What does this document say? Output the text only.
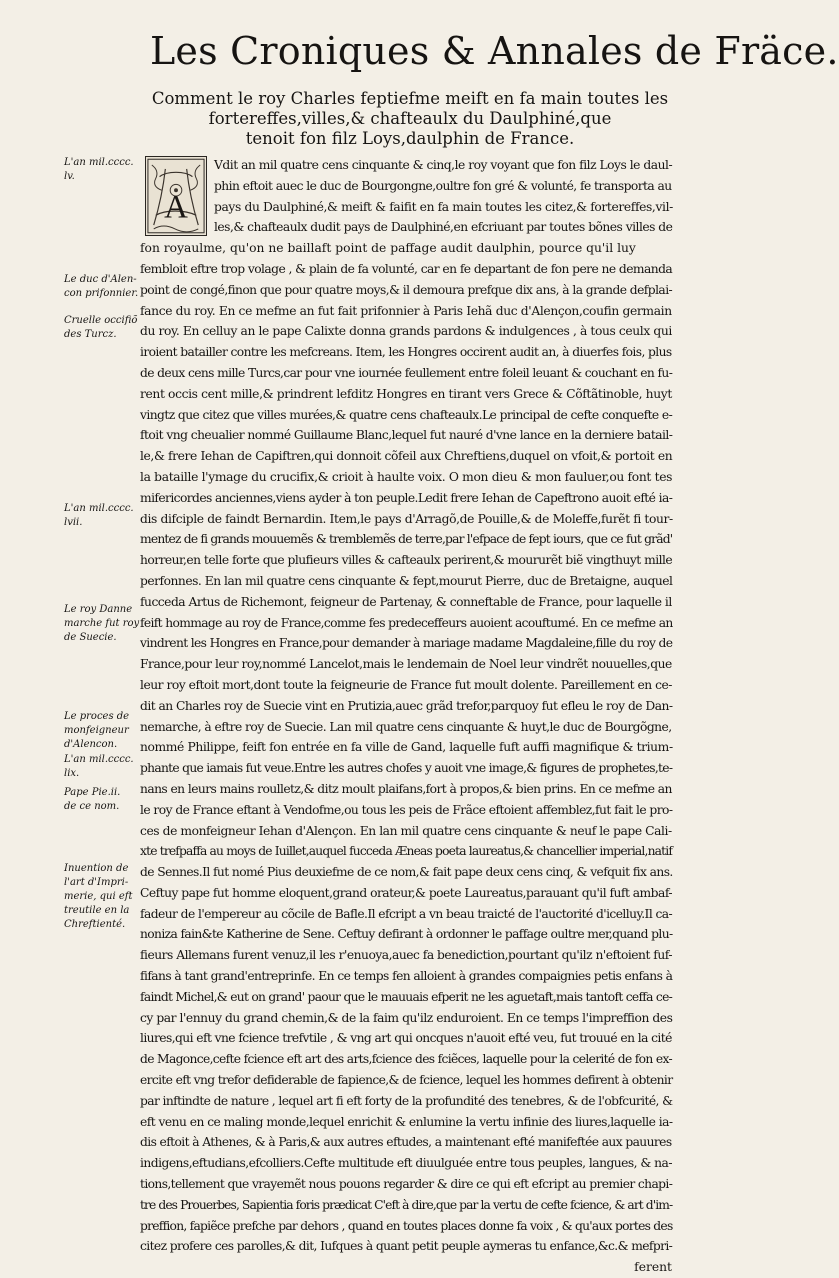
Les Croniques & Annales de Fräce.
Comment le roy Charles feptiefme meift en fa main toutes les
fortereffes,villes,& chafteaulx du Daulphiné,que
tenoit fon filz Loys,daulphin de France.
A
L'an mil.cccc.
lv.
Le duc d'Alen-
con prifonnier.
Cruelle occifiõ
des Turcz.
L'an mil.cccc.
lvii.
Le roy Danne
marche fut roy
de Suecie.
Le proces de
monfeigneur
d'Alencon.
L'an mil.cccc.
lix.
Pape Pie.ii.
de ce nom.
Inuention de
l'art d'Impri-
merie, qui eft
treutile en la
Chreftienté.
Vdit an mil quatre cens cinquante & cinq,le roy voyant que fon filz Loys le daul-
phin eftoit auec le duc de Bourgongne,oultre fon gré & volunté, fe transporta au
pays du Daulphiné,& meift & faifit en fa main toutes les citez,& fortereffes,vil-
les,& chafteaulx dudit pays de Daulphiné,en efcriuant par toutes bõnes villes de
fon royaulme, qu'on ne baillaft point de paffage audit daulphin, pource qu'il luy
fembloit eftre trop volage , & plain de fa volunté, car en fe departant de fon pere ne demanda
point de congé,finon que pour quatre moys,& il demoura prefque dix ans, à la grande defplai-
fance du roy. En ce mefme an fut fait prifonnier à Paris Iehã duc d'Alençon,coufin germain
du roy. En celluy an le pape Calixte donna grands pardons & indulgences , à tous ceulx qui
iroient batailler contre les mefcreans. Item, les Hongres occirent audit an, à diuerfes fois, plus
de deux cens mille Turcs,car pour vne iournée feullement entre foleil leuant & couchant en fu-
rent occis cent mille,& prindrent lefditz Hongres en tirant vers Grece & Cõftãtinoble, huyt
vingtz que citez que villes murées,& quatre cens chafteaulx.Le principal de cefte conquefte e-
ftoit vng cheualier nommé Guillaume Blanc,lequel fut nauré d'vne lance en la derniere batail-
le,& frere Iehan de Capiftren,qui donnoit cõfeil aux Chreftiens,duquel on vfoit,& portoit en
la bataille l'ymage du crucifix,& crioit à haulte voix. O mon dieu & mon fauluer,ou font tes
mifericordes anciennes,viens ayder à ton peuple.Ledit frere Iehan de Capeftrono auoit efté ia-
dis difciple de faindt Bernardin. Item,le pays d'Arragõ,de Pouille,& de Moleffe,furẽt fi tour-
mentez de fi grands mouuemẽs & tremblemẽs de terre,par l'efpace de fept iours, que ce fut grãd'
horreur,en telle forte que plufieurs villes & cafteaulx perirent,& moururẽt biẽ vingthuyt mille
perfonnes. En lan mil quatre cens cinquante & fept,mourut Pierre, duc de Bretaigne, auquel
fucceda Artus de Richemont, feigneur de Partenay, & conneftable de France, pour laquelle il
feift hommage au roy de France,comme fes predeceffeurs auoient acouftumé. En ce mefme an
vindrent les Hongres en France,pour demander à mariage madame Magdaleine,fille du roy de
France,pour leur roy,nommé Lancelot,mais le lendemain de Noel leur vindrẽt nouuelles,que
leur roy eftoit mort,dont toute la feigneurie de France fut moult dolente. Pareillement en ce-
dit an Charles roy de Suecie vint en Prutizia,auec grãd trefor,parquoy fut efleu le roy de Dan-
nemarche, à eftre roy de Suecie. Lan mil quatre cens cinquante & huyt,le duc de Bourgõgne,
nommé Philippe, feift fon entrée en fa ville de Gand, laquelle fuft auffi magnifique & trium-
phante que iamais fut veue.Entre les autres chofes y auoit vne image,& figures de prophetes,te-
nans en leurs mains roulletz,& ditz moult plaifans,fort à propos,& bien prins. En ce mefme an
le roy de France eftant à Vendofme,ou tous les peis de Frãce eftoient affemblez,fut fait le pro-
ces de monfeigneur Iehan d'Alençon. En lan mil quatre cens cinquante & neuf le pape Cali-
xte trefpaffa au moys de Iuillet,auquel fucceda Æneas poeta laureatus,& chancellier imperial,natif
de Sennes.Il fut nomé Pius deuxiefme de ce nom,& fait pape deux cens cinq, & vefquit fix ans.
Ceftuy pape fut homme eloquent,grand orateur,& poete Laureatus,parauant qu'il fuft ambaf-
fadeur de l'empereur au cõcile de Bafle.Il efcript a vn beau traicté de l'auctorité d'icelluy.Il ca-
noniza fain&te Katherine de Sene. Ceftuy defirant à ordonner le paffage oultre mer,quand plu-
fieurs Allemans furent venuz,il les r'enuoya,auec fa benediction,pourtant qu'ilz n'eftoient fuf-
fifans à tant grand'entreprinfe. En ce temps fen alloient à grandes compaignies petis enfans à
faindt Michel,& eut on grand' paour que le mauuais efperit ne les aguetaft,mais tantoft ceffa ce-
cy par l'ennuy du grand chemin,& de la faim qu'ilz enduroient. En ce temps l'impreffion des
liures,qui eft vne fcience trefvtile , & vng art qui oncques n'auoit efté veu, fut trouué en la cité
de Magonce,cefte fcience eft art des arts,fcience des fciẽces, laquelle pour la celerité de fon ex-
ercite eft vng trefor defiderable de fapience,& de fcience, lequel les hommes defirent à obtenir
par inftindte de nature , lequel art fi eft forty de la profundité des tenebres, & de l'obfcurité, &
eft venu en ce maling monde,lequel enrichit & enlumine la vertu infinie des liures,laquelle ia-
dis eftoit à Athenes, & à Paris,& aux autres eftudes, a maintenant efté manifeftée aux pauures
indigens,eftudians,efcolliers.Cefte multitude eft diuulguée entre tous peuples, langues, & na-
tions,tellement que vrayemẽt nous pouons regarder & dire ce qui eft efcript au premier chapi-
tre des Prouerbes, Sapientia foris prædicat C'eft à dire,que par la vertu de cefte fcience, & art d'im-
preffion, fapiẽce prefche par dehors , quand en toutes places donne fa voix , & qu'aux portes des
citez profere ces parolles,& dit, Iufques à quant petit peuple aymeras tu enfance,&c.& mefpri-
ferent
